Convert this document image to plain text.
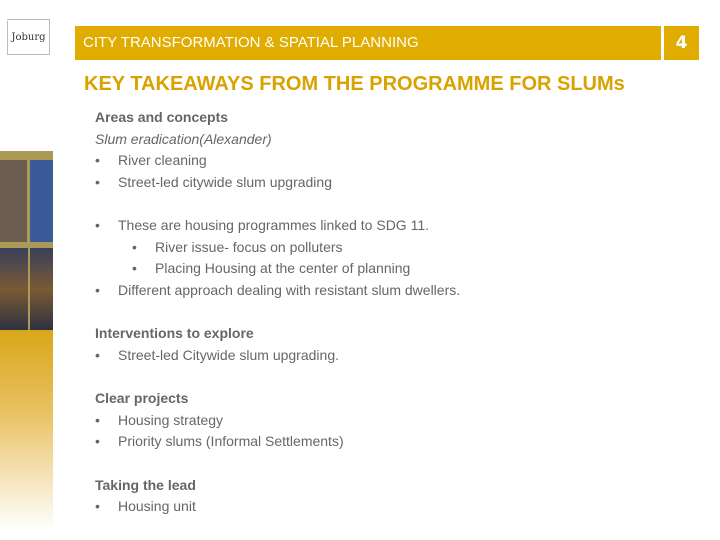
Joburg	CITY TRANSFORMATION & SPATIAL PLANNING	4
KEY TAKEAWAYS FROM THE PROGRAMME FOR SLUMs
Areas and concepts
Slum eradication(Alexander)
• River cleaning
• Street-led citywide slum upgrading
• These are housing programmes linked to SDG 11.
• River issue- focus on polluters
• Placing Housing at the center of planning
• Different approach dealing with resistant slum dwellers.
Interventions to explore
• Street-led Citywide slum upgrading.
Clear projects
• Housing strategy
• Priority slums (Informal Settlements)
Taking the lead
• Housing unit
